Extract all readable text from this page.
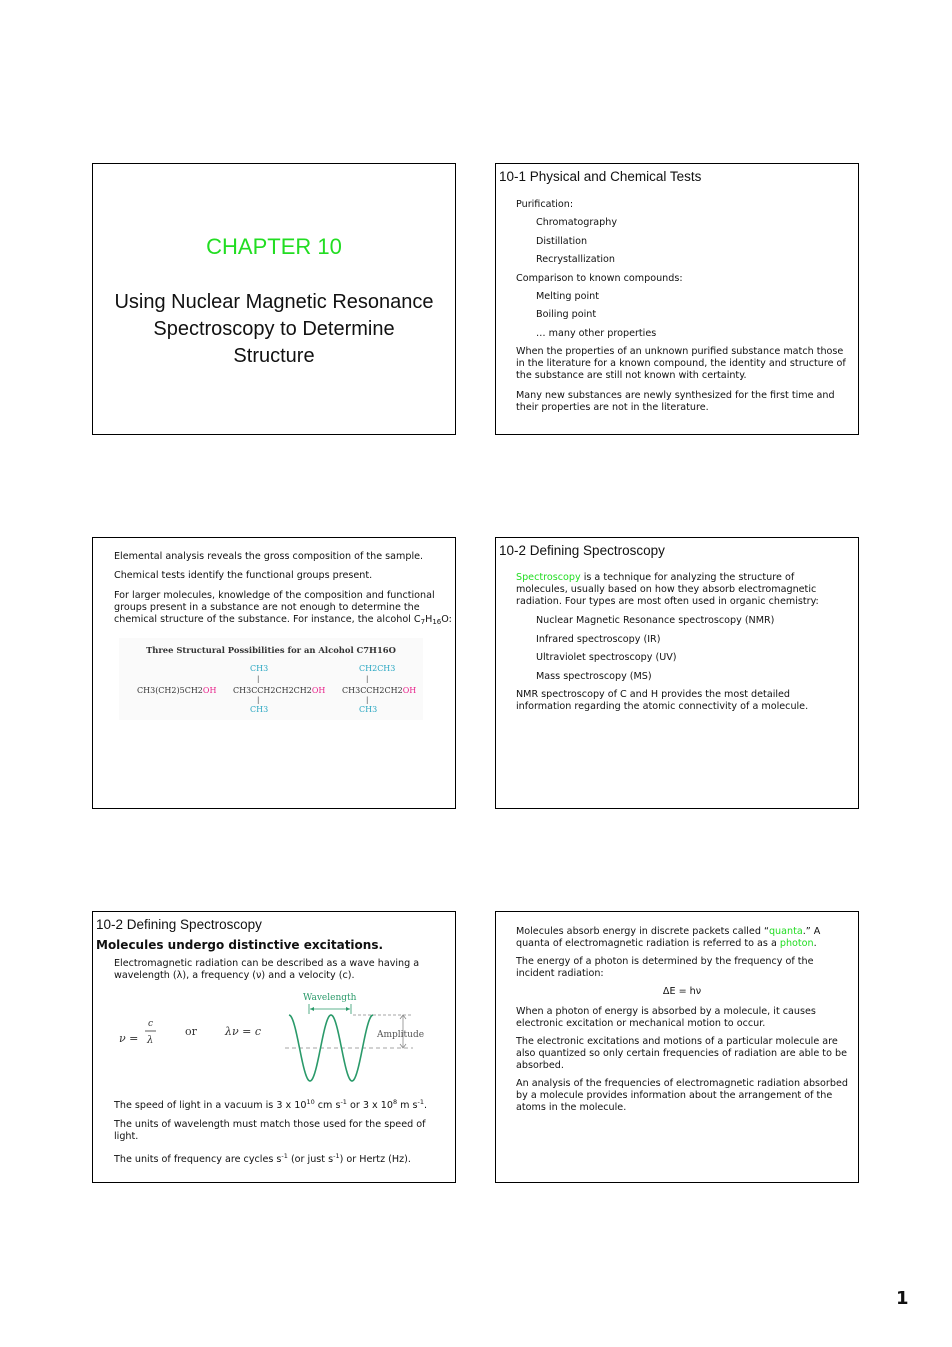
CHAPTER 10
Using Nuclear Magnetic Resonance
Spectroscopy to Determine
Structure
10-1 Physical and Chemical Tests

Purification:

Chromatography

Distillation

Recrystallization

Comparison to known compounds:

Melting point

Boiling point

… many other properties

When the properties of an unknown purified substance match those in the literature for a known compound, the identity and structure of the substance are still not known with certainty.

Many new substances are newly synthesized for the first time and their properties are not in the literature.

Elemental analysis reveals the gross composition of the sample.

Chemical tests identify the functional groups present.

For larger molecules, knowledge of the composition and functional groups present in a substance are not enough to determine the chemical structure of the substance. For instance, the alcohol $C_7H_{16}O$:

Three Structural Possibilities for an Alcohol C7H16O
CH3(CH2)5CH2OH
CH3
|
CH3CCH2CH2CH2OH
|
CH3
CH2CH3
|
CH3CCH2CH2OH
|
CH3
10-2 Defining Spectroscopy

Spectroscopy is a technique for analyzing the structure of molecules, usually based on how they absorb electromagnetic radiation. Four types are most often used in organic chemistry:

Nuclear Magnetic Resonance spectroscopy (NMR)

Infrared spectroscopy (IR)

Ultraviolet spectroscopy (UV)

Mass spectroscopy (MS)

NMR spectroscopy of C and H provides the most detailed information regarding the atomic connectivity of a molecule.

10-2 Defining Spectroscopy
Molecules undergo distinctive excitations.

Electromagnetic radiation can be described as a wave having a wavelength (λ), a frequency (ν) and a velocity (c).

ν =
c
λ
or	λν = c
Wavelength
Amplitude

The speed of light in a vacuum is 3 x $10^{10}$ cm $s^{-1}$ or 3 x $10^8$ m $s^{-1}$.

The units of wavelength must match those used for the speed of light.

The units of frequency are cycles $s^{-1}$ (or just $s^{-1}$) or Hertz (Hz).

Molecules absorb energy in discrete packets called “quanta.” A quanta of electromagnetic radiation is referred to as a photon.

The energy of a photon is determined by the frequency of the incident radiation:

ΔE = hν

When a photon of energy is absorbed by a molecule, it causes electronic excitation or mechanical motion to occur.

The electronic excitations and motions of a particular molecule are also quantized so only certain frequencies of radiation are able to be absorbed.

An analysis of the frequencies of electromagnetic radiation absorbed by a molecule provides information about the arrangement of the atoms in the molecule.

1
